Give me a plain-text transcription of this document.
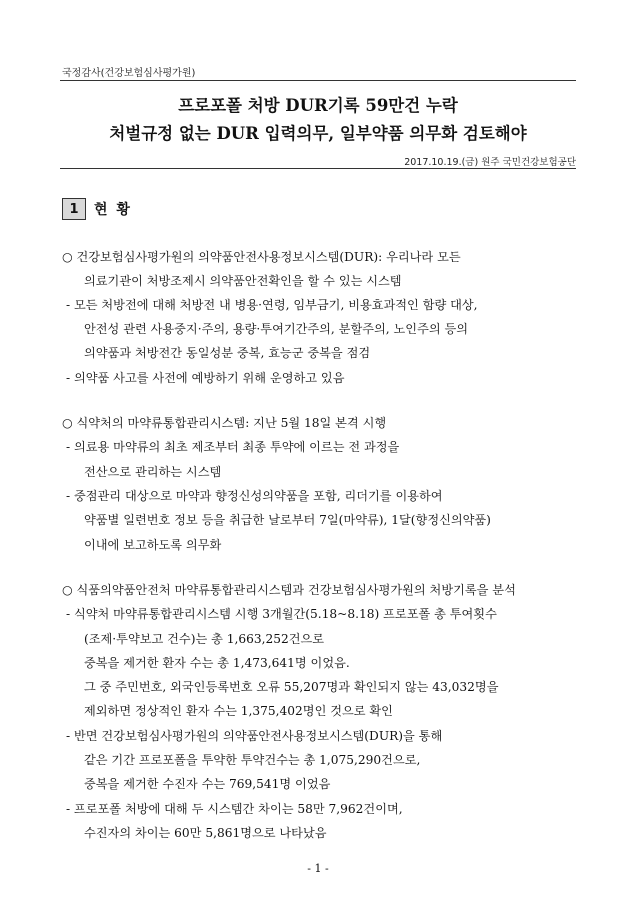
국정감사(건강보험심사평가원)
프로포폴 처방 DUR기록 59만건 누락
처벌규정 없는 DUR 입력의무, 일부약품 의무화 검토해야
2017.10.19.(금) 원주 국민건강보험공단
1	현 황
○ 건강보험심사평가원의 의약품안전사용정보시스템(DUR): 우리나라 모든
의료기관이 처방조제시 의약품안전확인을 할 수 있는 시스템
- 모든 처방전에 대해 처방전 내 병용·연령, 임부금기, 비용효과적인 함량 대상,
안전성 관련 사용중지·주의, 용량·투여기간주의, 분할주의, 노인주의 등의
의약품과 처방전간 동일성분 중복, 효능군 중복을 점검
- 의약품 사고를 사전에 예방하기 위해 운영하고 있음
○ 식약처의 마약류통합관리시스템: 지난 5월 18일 본격 시행
- 의료용 마약류의 최초 제조부터 최종 투약에 이르는 전 과정을
전산으로 관리하는 시스템
- 중점관리 대상으로 마약과 향정신성의약품을 포함, 리더기를 이용하여
약품별 일련번호 정보 등을 취급한 날로부터 7일(마약류), 1달(향정신의약품)
이내에 보고하도록 의무화
○ 식품의약품안전처 마약류통합관리시스템과 건강보험심사평가원의 처방기록을 분석
- 식약처 마약류통합관리시스템 시행 3개월간(5.18~8.18) 프로포폴 총 투여횟수
(조제·투약보고 건수)는 총 1,663,252건으로
중복을 제거한 환자 수는 총 1,473,641명 이었음.
그 중 주민번호, 외국인등록번호 오류 55,207명과 확인되지 않는 43,032명을
제외하면 정상적인 환자 수는 1,375,402명인 것으로 확인
- 반면 건강보험심사평가원의 의약품안전사용정보시스템(DUR)을 통해
같은 기간 프로포폴을 투약한 투약건수는 총 1,075,290건으로,
중복을 제거한 수진자 수는 769,541명 이었음
- 프로포폴 처방에 대해 두 시스템간 차이는 58만 7,962건이며,
수진자의 차이는 60만 5,861명으로 나타났음
- 1 -
